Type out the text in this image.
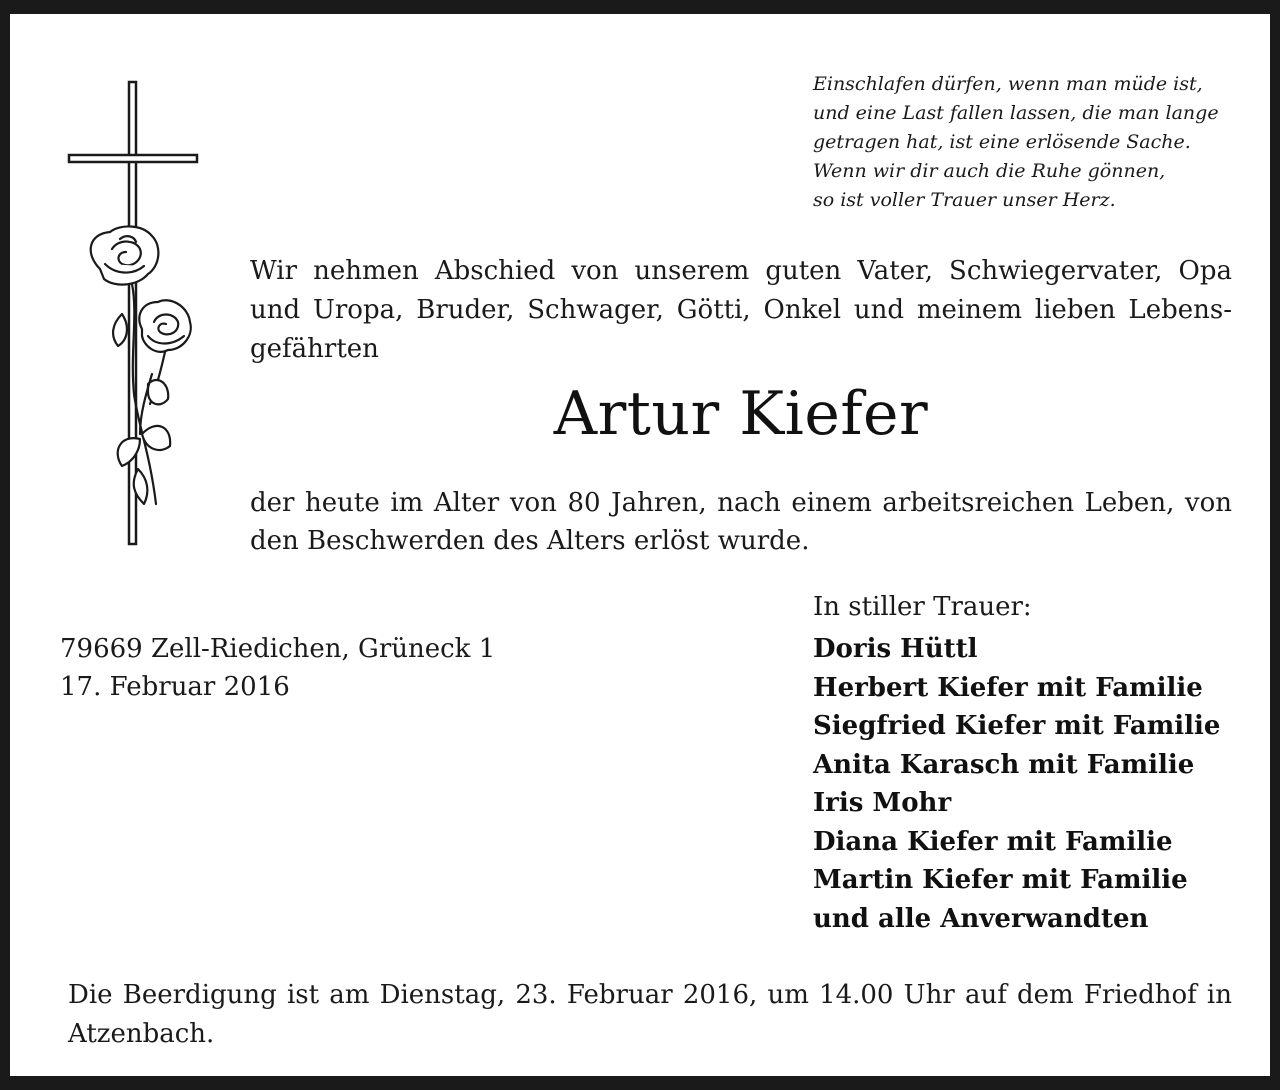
Einschlafen dürfen, wenn man müde ist,
und eine Last fallen lassen, die man lange
getragen hat, ist eine erlösende Sache.
Wenn wir dir auch die Ruhe gönnen,
so ist voller Trauer unser Herz.
Wir nehmen Abschied von unserem guten Vater, Schwiegervater, Opa
und Uropa, Bruder, Schwager, Götti, Onkel und meinem lieben Lebens-
gefährten
Artur Kiefer
der heute im Alter von 80 Jahren, nach einem arbeitsreichen Leben, von
den Beschwerden des Alters erlöst wurde.
79669 Zell-Riedichen, Grüneck 1
17. Februar 2016
In stiller Trauer:
Doris Hüttl
Herbert Kiefer mit Familie
Siegfried Kiefer mit Familie
Anita Karasch mit Familie
Iris Mohr
Diana Kiefer mit Familie
Martin Kiefer mit Familie
und alle Anverwandten
Die Beerdigung ist am Dienstag, 23. Februar 2016, um 14.00 Uhr auf dem Friedhof in
Atzenbach.
